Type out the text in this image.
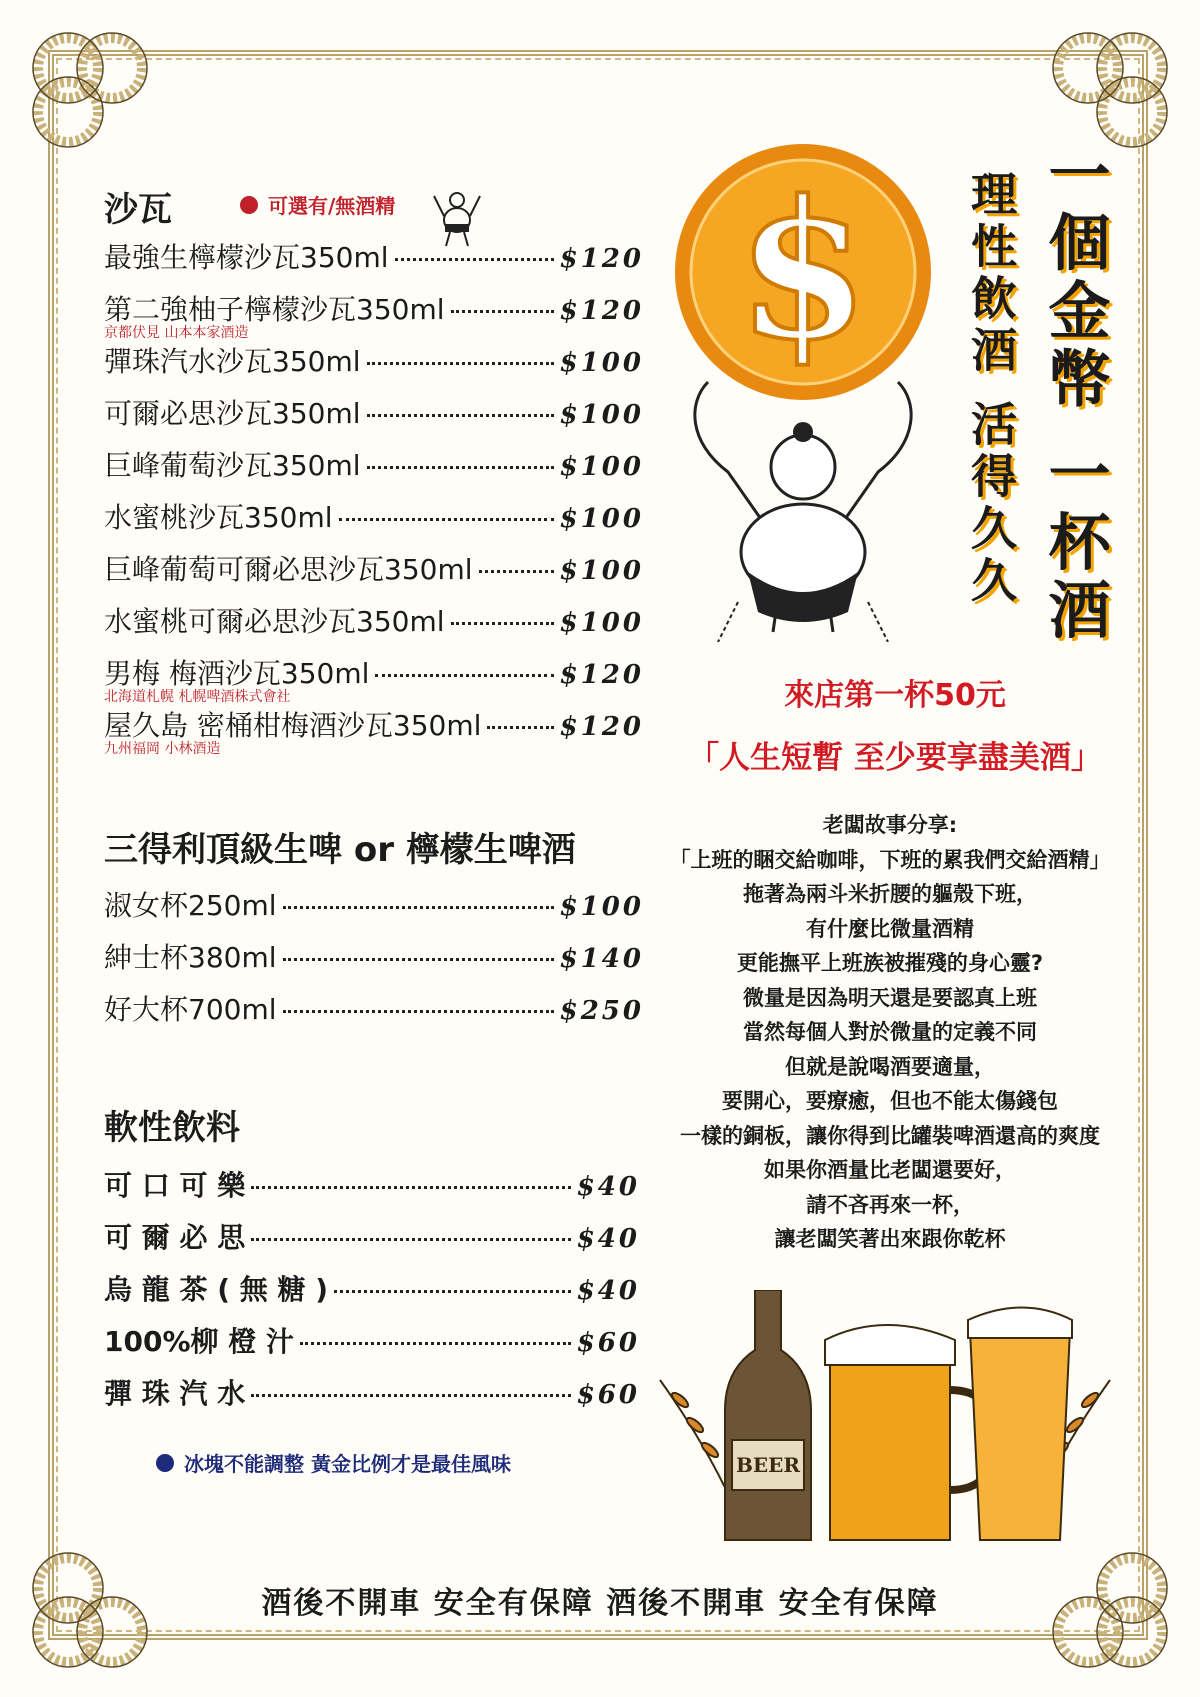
沙瓦	可選有/無酒精
最強生檸檬沙瓦350ml	$120
第二強柚子檸檬沙瓦350ml	$120
京都伏見 山本本家酒造
彈珠汽水沙瓦350ml	$100
可爾必思沙瓦350ml	$100
巨峰葡萄沙瓦350ml	$100
水蜜桃沙瓦350ml	$100
巨峰葡萄可爾必思沙瓦350ml	$100
水蜜桃可爾必思沙瓦350ml	$100
男梅 梅酒沙瓦350ml	$120
北海道札幌 札幌啤酒株式會社
屋久島 密桶柑梅酒沙瓦350ml	$120
九州福岡 小林酒造
三得利頂級生啤 or 檸檬生啤酒
淑女杯250ml	$100
紳士杯380ml	$140
好大杯700ml	$250
軟性飲料
可 口 可 樂	$40
可 爾 必 思	$40
烏 龍 茶 ( 無 糖 )	$40
100%柳 橙 汁	$60
彈 珠 汽 水	$60
冰塊不能調整 黃金比例才是最佳風味
$	一個金幣 一杯酒
理性飲酒 活得久久
來店第一杯50元
「人生短暫 至少要享盡美酒」
老闆故事分享:
「上班的睏交給咖啡，下班的累我們交給酒精」
拖著為兩斗米折腰的軀殼下班，
有什麼比微量酒精
更能撫平上班族被摧殘的身心靈?
微量是因為明天還是要認真上班
當然每個人對於微量的定義不同
但就是說喝酒要適量，
要開心，要療癒，但也不能太傷錢包
一樣的銅板，讓你得到比罐裝啤酒還高的爽度
如果你酒量比老闆還要好，
請不吝再來一杯，
讓老闆笑著出來跟你乾杯
BEER
酒後不開車 安全有保障 酒後不開車 安全有保障
